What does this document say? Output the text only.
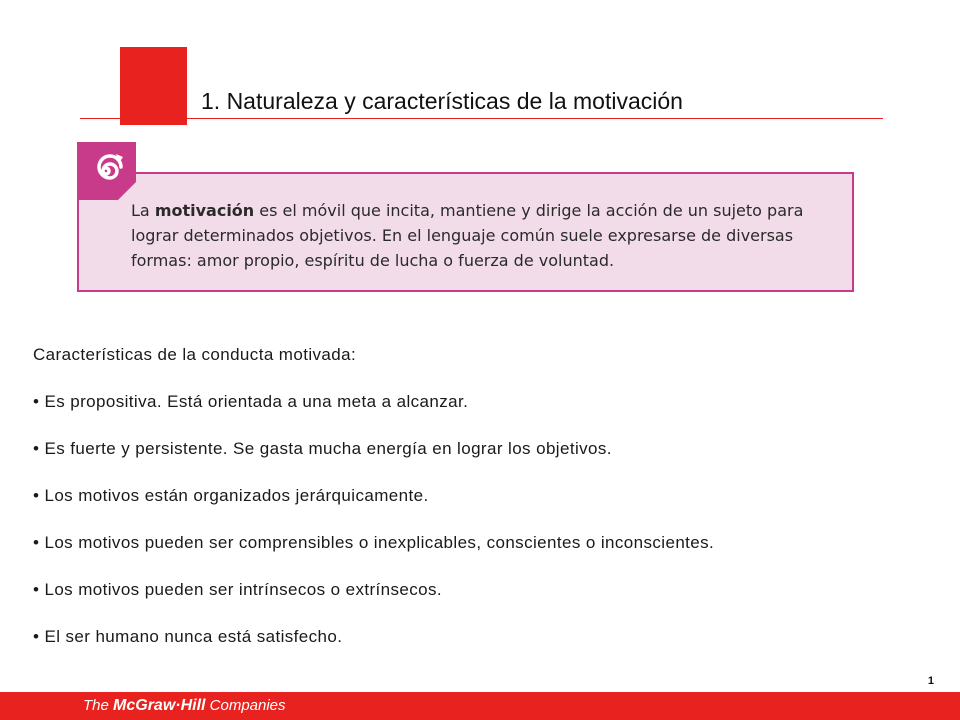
1. Naturaleza y características de la motivación
La motivación es el móvil que incita, mantiene y dirige la acción de un sujeto para lograr determinados objetivos. En el lenguaje común suele expresarse de diversas formas: amor propio, espíritu de lucha o fuerza de voluntad.
Características de la conducta motivada:
• Es propositiva. Está orientada a una meta a alcanzar.
• Es fuerte y persistente. Se gasta mucha energía en lograr los objetivos.
• Los motivos están organizados jerárquicamente.
• Los motivos pueden ser comprensibles o inexplicables, conscientes o inconscientes.
• Los motivos pueden ser intrínsecos o extrínsecos.
• El ser humano nunca está satisfecho.
1
The McGraw·Hill Companies
